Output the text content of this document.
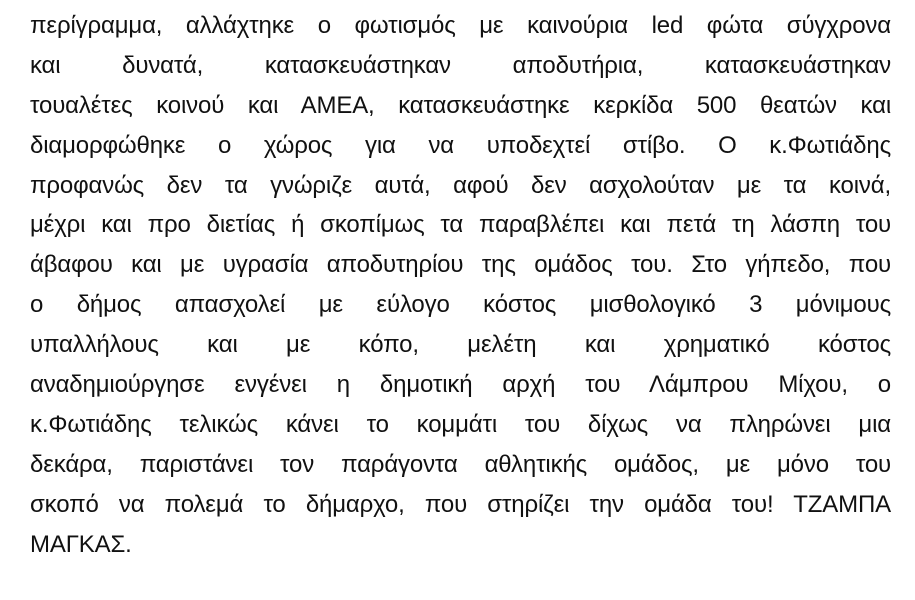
περίγραμμα, αλλάχτηκε ο φωτισμός με καινούρια led φώτα σύγχρονα
και δυνατά, κατασκευάστηκαν αποδυτήρια, κατασκευάστηκαν
τουαλέτες κοινού και ΑΜΕΑ, κατασκευάστηκε κερκίδα 500 θεατών και
διαμορφώθηκε ο χώρος για να υποδεχτεί στίβο. Ο κ.Φωτιάδης
προφανώς δεν τα γνώριζε αυτά, αφού δεν ασχολούταν με τα κοινά,
μέχρι και προ διετίας ή σκοπίμως τα παραβλέπει και πετά τη λάσπη του
άβαφου και με υγρασία αποδυτηρίου της ομάδος του. Στο γήπεδο, που
ο δήμος απασχολεί με εύλογο κόστος μισθολογικό 3 μόνιμους
υπαλλήλους και με κόπο, μελέτη και χρηματικό κόστος
αναδημιούργησε ενγένει η δημοτική αρχή του Λάμπρου Μίχου, ο
κ.Φωτιάδης τελικώς κάνει το κομμάτι του δίχως να πληρώνει μια
δεκάρα, παριστάνει τον παράγοντα αθλητικής ομάδος, με μόνο του
σκοπό να πολεμά το δήμαρχο, που στηρίζει την ομάδα του! ΤΖΑΜΠΑ
ΜΑΓΚΑΣ.
